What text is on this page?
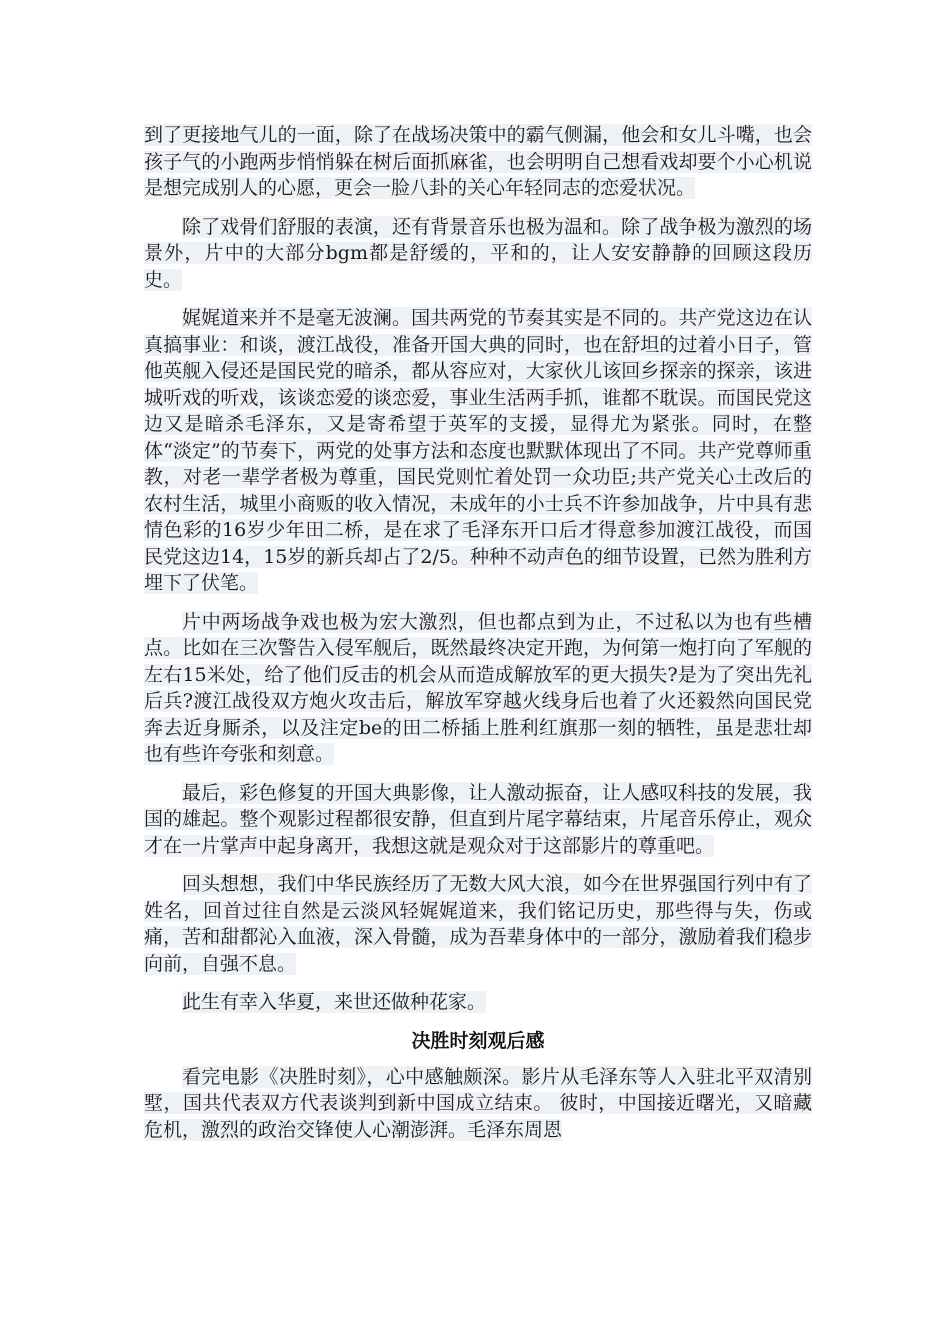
到了更接地气儿的一面，除了在战场决策中的霸气侧漏，他会和女儿斗嘴，也会孩子气的小跑两步悄悄躲在树后面抓麻雀，也会明明自己想看戏却要个小心机说是想完成别人的心愿，更会一脸八卦的关心年轻同志的恋爱状况。

除了戏骨们舒服的表演，还有背景音乐也极为温和。除了战争极为激烈的场景外，片中的大部分bgm都是舒缓的，平和的，让人安安静静的回顾这段历史。

娓娓道来并不是毫无波澜。国共两党的节奏其实是不同的。共产党这边在认真搞事业：和谈，渡江战役，准备开国大典的同时，也在舒坦的过着小日子，管他英舰入侵还是国民党的暗杀，都从容应对，大家伙儿该回乡探亲的探亲，该进城听戏的听戏，该谈恋爱的谈恋爱，事业生活两手抓，谁都不耽误。而国民党这边又是暗杀毛泽东，又是寄希望于英军的支援，显得尤为紧张。同时，在整体“淡定”的节奏下，两党的处事方法和态度也默默体现出了不同。共产党尊师重教，对老一辈学者极为尊重，国民党则忙着处罚一众功臣;共产党关心土改后的农村生活，城里小商贩的收入情况，未成年的小士兵不许参加战争，片中具有悲情色彩的16岁少年田二桥，是在求了毛泽东开口后才得意参加渡江战役，而国民党这边14，15岁的新兵却占了2/5。种种不动声色的细节设置，已然为胜利方埋下了伏笔。

片中两场战争戏也极为宏大激烈，但也都点到为止，不过私以为也有些槽点。比如在三次警告入侵军舰后，既然最终决定开跑，为何第一炮打向了军舰的左右15米处，给了他们反击的机会从而造成解放军的更大损失?是为了突出先礼后兵?渡江战役双方炮火攻击后，解放军穿越火线身后也着了火还毅然向国民党奔去近身厮杀，以及注定be的田二桥插上胜利红旗那一刻的牺牲，虽是悲壮却也有些许夸张和刻意。

最后，彩色修复的开国大典影像，让人激动振奋，让人感叹科技的发展，我国的雄起。整个观影过程都很安静，但直到片尾字幕结束，片尾音乐停止，观众才在一片掌声中起身离开，我想这就是观众对于这部影片的尊重吧。

回头想想，我们中华民族经历了无数大风大浪，如今在世界强国行列中有了姓名，回首过往自然是云淡风轻娓娓道来，我们铭记历史，那些得与失，伤或痛，苦和甜都沁入血液，深入骨髓，成为吾辈身体中的一部分，激励着我们稳步向前，自强不息。

此生有幸入华夏，来世还做种花家。

决胜时刻观后感

看完电影《决胜时刻》，心中感触颇深。影片从毛泽东等人入驻北平双清别墅，国共代表双方代表谈判到新中国成立结束。 彼时，中国接近曙光，又暗藏危机，激烈的政治交锋使人心潮澎湃。毛泽东周恩
